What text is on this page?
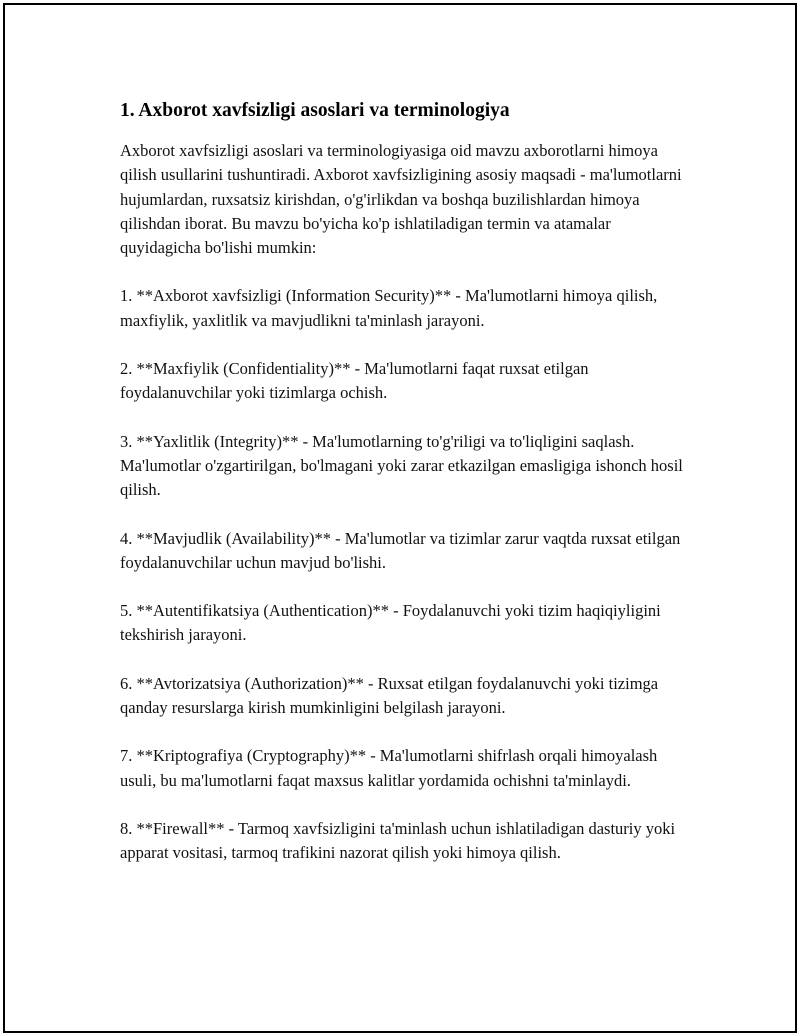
1. Axborot xavfsizligi asoslari va terminologiya

Axborot xavfsizligi asoslari va terminologiyasiga oid mavzu axborotlarni himoya qilish usullarini tushuntiradi. Axborot xavfsizligining asosiy maqsadi - ma'lumotlarni hujumlardan, ruxsatsiz kirishdan, o'g'irlikdan va boshqa buzilishlardan himoya qilishdan iborat. Bu mavzu bo'yicha ko'p ishlatiladigan termin va atamalar quyidagicha bo'lishi mumkin:

1. **Axborot xavfsizligi (Information Security)** - Ma'lumotlarni himoya qilish, maxfiylik, yaxlitlik va mavjudlikni ta'minlash jarayoni.

2. **Maxfiylik (Confidentiality)** - Ma'lumotlarni faqat ruxsat etilgan foydalanuvchilar yoki tizimlarga ochish.

3. **Yaxlitlik (Integrity)** - Ma'lumotlarning to'g'riligi va to'liqligini saqlash. Ma'lumotlar o'zgartirilgan, bo'lmagani yoki zarar etkazilgan emasligiga ishonch hosil qilish.

4. **Mavjudlik (Availability)** - Ma'lumotlar va tizimlar zarur vaqtda ruxsat etilgan foydalanuvchilar uchun mavjud bo'lishi.

5. **Autentifikatsiya (Authentication)** - Foydalanuvchi yoki tizim haqiqiyligini tekshirish jarayoni.

6. **Avtorizatsiya (Authorization)** - Ruxsat etilgan foydalanuvchi yoki tizimga qanday resurslarga kirish mumkinligini belgilash jarayoni.

7. **Kriptografiya (Cryptography)** - Ma'lumotlarni shifrlash orqali himoyalash usuli, bu ma'lumotlarni faqat maxsus kalitlar yordamida ochishni ta'minlaydi.

8. **Firewall** - Tarmoq xavfsizligini ta'minlash uchun ishlatiladigan dasturiy yoki apparat vositasi, tarmoq trafikini nazorat qilish yoki himoya qilish.
